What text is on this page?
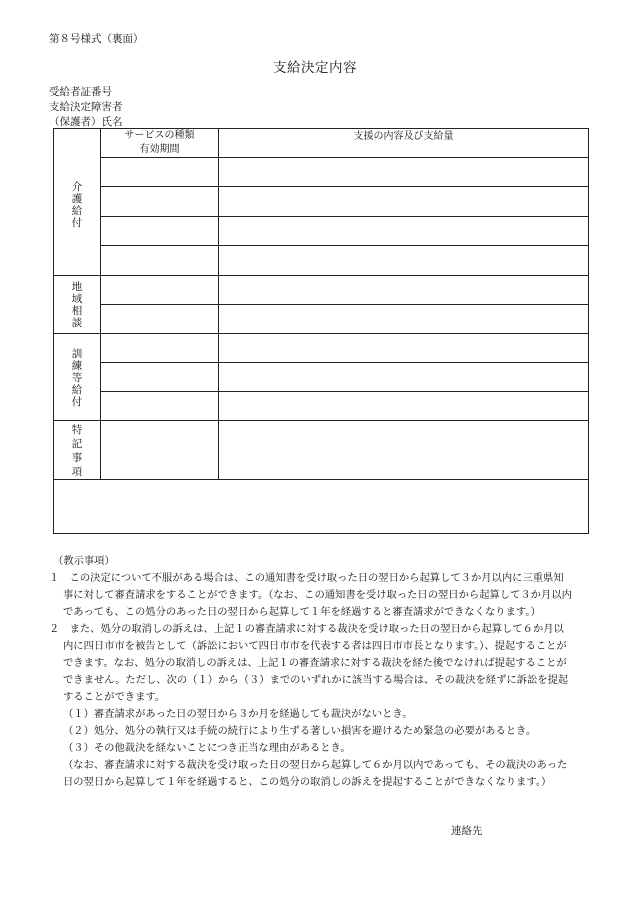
第８号様式（裏面）
支給決定内容
受給者証番号
支給決定障害者
（保護者）氏名
サービスの種類
有効期間
支援の内容及び支給量
介
護
給
付
地
域
相
談
訓
練
等
給
付
特
記
事
項
（教示事項）
１　この決定について不服がある場合は、この通知書を受け取った日の翌日から起算して３か月以内に三重県知
事に対して審査請求をすることができます。（なお、この通知書を受け取った日の翌日から起算して３か月以内
であっても、この処分のあった日の翌日から起算して１年を経過すると審査請求ができなくなります。）
２　また、処分の取消しの訴えは、上記１の審査請求に対する裁決を受け取った日の翌日から起算して６か月以
内に四日市市を被告として（訴訟において四日市市を代表する者は四日市市長となります。）、提起することが
できます。なお、処分の取消しの訴えは、上記１の審査請求に対する裁決を経た後でなければ提起することが
できません。ただし、次の（１）から（３）までのいずれかに該当する場合は、その裁決を経ずに訴訟を提起
することができます。
（１）審査請求があった日の翌日から３か月を経過しても裁決がないとき。
（２）処分、処分の執行又は手続の続行により生ずる著しい損害を避けるため緊急の必要があるとき。
（３）その他裁決を経ないことにつき正当な理由があるとき。
（なお、審査請求に対する裁決を受け取った日の翌日から起算して６か月以内であっても、その裁決のあった
日の翌日から起算して１年を経過すると、この処分の取消しの訴えを提起することができなくなります。）
連絡先
